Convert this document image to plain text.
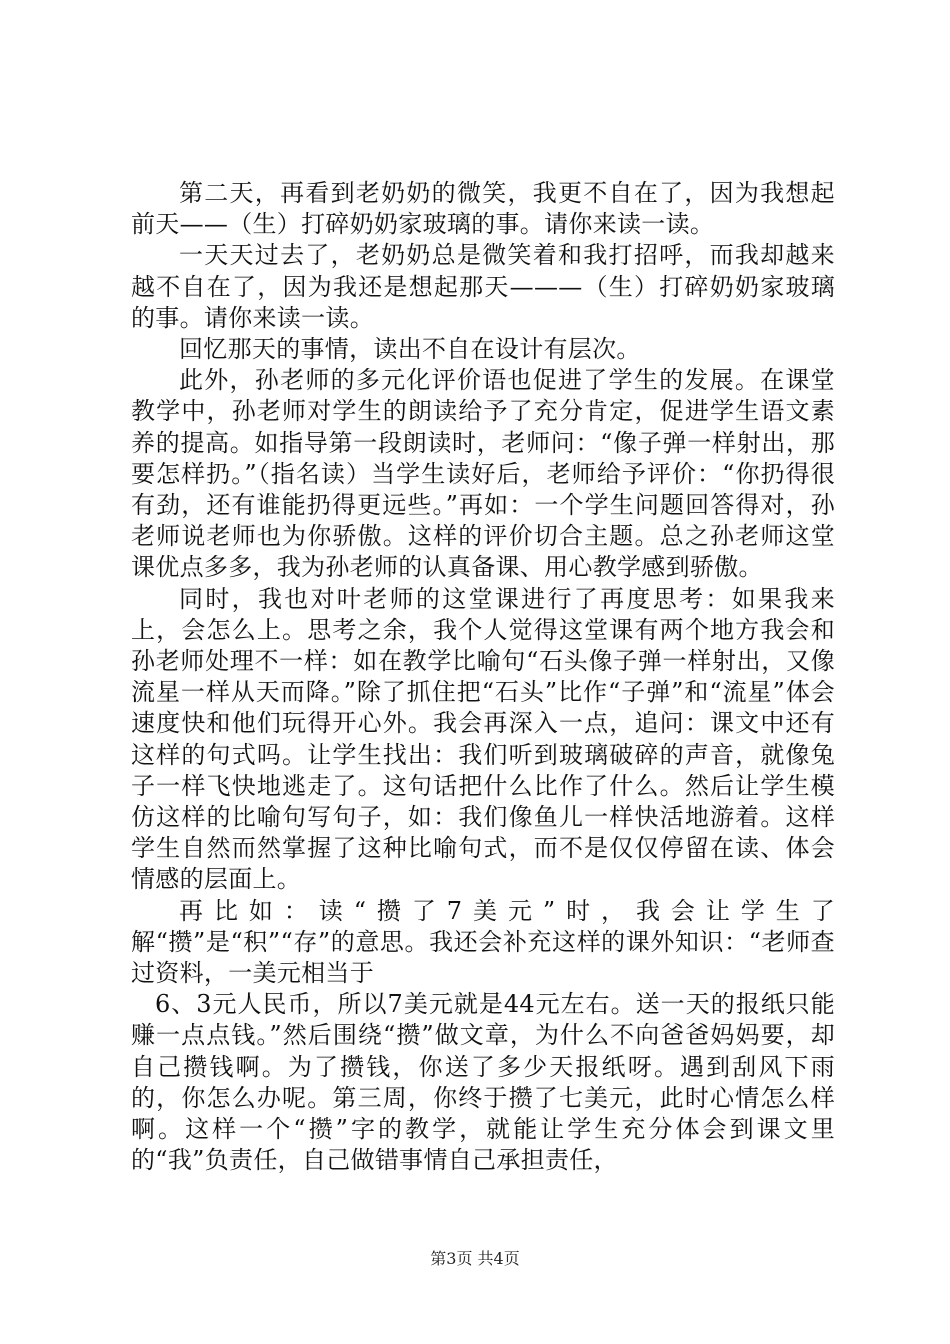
第二天，再看到老奶奶的微笑，我更不自在了，因为我想起前天——（生）打碎奶奶家玻璃的事。请你来读一读。

一天天过去了，老奶奶总是微笑着和我打招呼，而我却越来越不自在了，因为我还是想起那天———（生）打碎奶奶家玻璃的事。请你来读一读。

回忆那天的事情，读出不自在设计有层次。

此外，孙老师的多元化评价语也促进了学生的发展。在课堂教学中，孙老师对学生的朗读给予了充分肯定，促进学生语文素养的提高。如指导第一段朗读时，老师问：“像子弹一样射出，那要怎样扔。”（指名读）当学生读好后，老师给予评价：“你扔得很有劲，还有谁能扔得更远些。”再如：一个学生问题回答得对，孙老师说老师也为你骄傲。这样的评价切合主题。总之孙老师这堂课优点多多，我为孙老师的认真备课、用心教学感到骄傲。

同时，我也对叶老师的这堂课进行了再度思考：如果我来上，会怎么上。思考之余，我个人觉得这堂课有两个地方我会和孙老师处理不一样：如在教学比喻句“石头像子弹一样射出，又像流星一样从天而降。”除了抓住把“石头”比作“子弹”和“流星”体会速度快和他们玩得开心外。我会再深入一点，追问：课文中还有这样的句式吗。让学生找出：我们听到玻璃破碎的声音，就像兔子一样飞快地逃走了。这句话把什么比作了什么。然后让学生模仿这样的比喻句写句子，如：我们像鱼儿一样快活地游着。这样学生自然而然掌握了这种比喻句式，而不是仅仅停留在读、体会情感的层面上。

再比如：读“攒了7美元”时，我会让学生了解“攒”是“积”“存”的意思。我还会补充这样的课外知识：“老师查过资料，一美元相当于

6、3元人民币，所以7美元就是44元左右。送一天的报纸只能赚一点点钱。”然后围绕“攒”做文章，为什么不向爸爸妈妈要，却自己攒钱啊。为了攒钱，你送了多少天报纸呀。遇到刮风下雨的，你怎么办呢。第三周，你终于攒了七美元，此时心情怎么样啊。这样一个“攒”字的教学，就能让学生充分体会到课文里的“我”负责任，自己做错事情自己承担责任，

第3页 共4页
